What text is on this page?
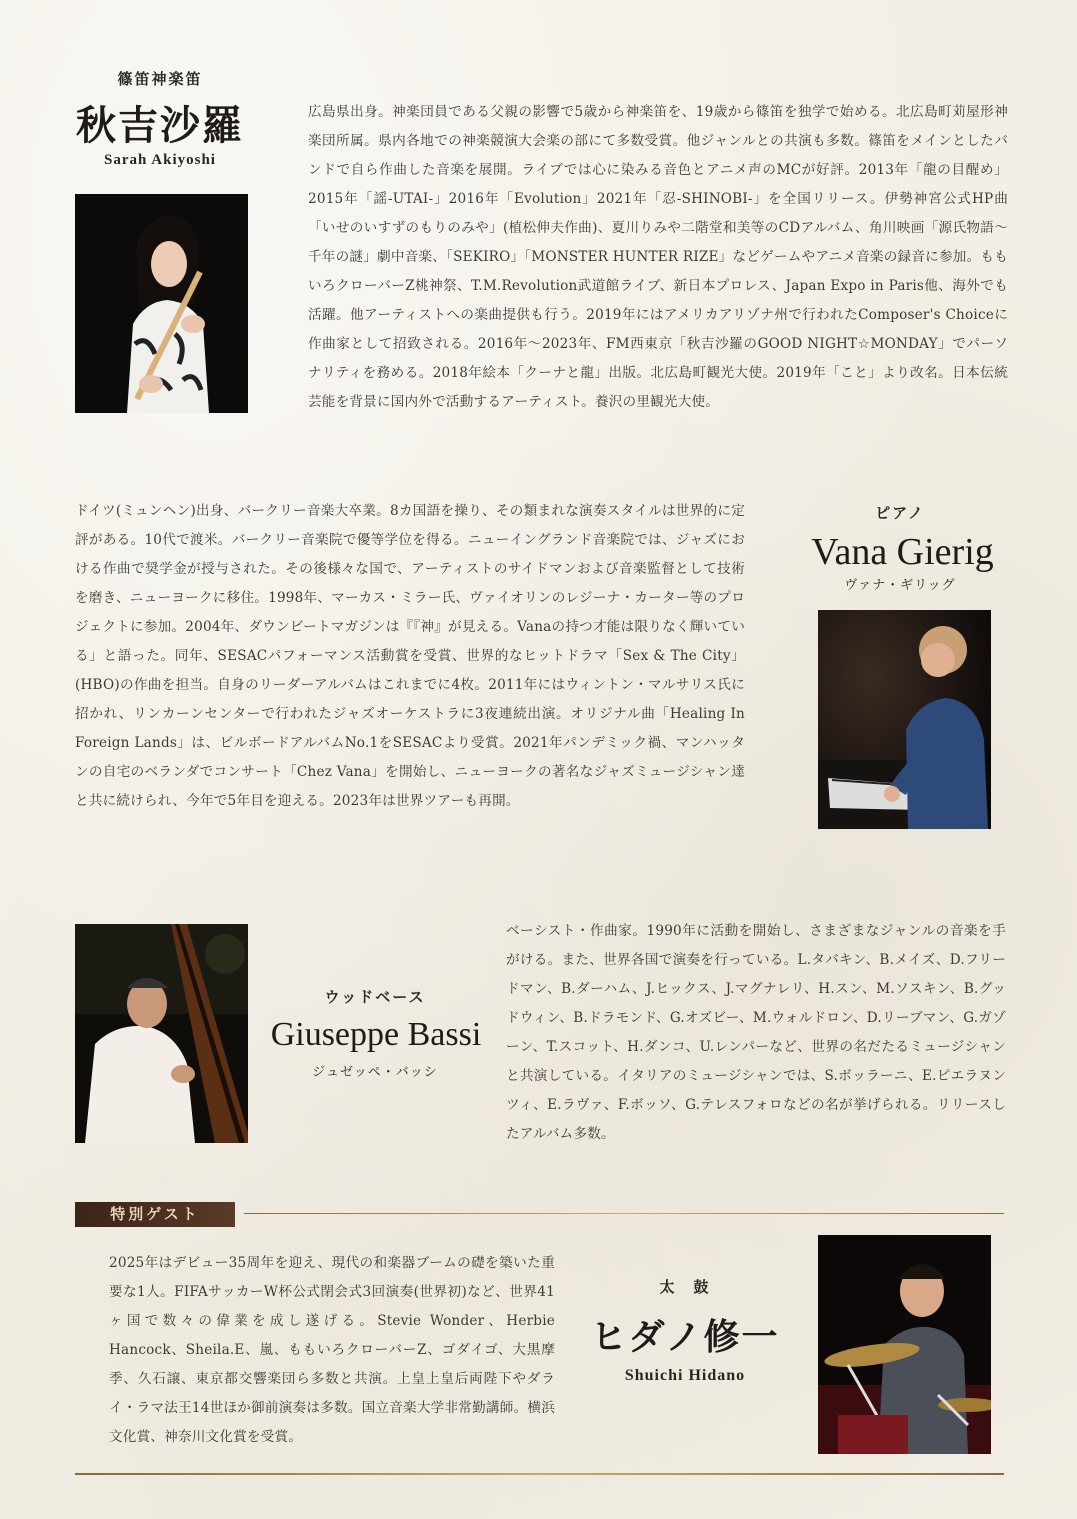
篠笛神楽笛
秋吉沙羅
Sarah Akiyoshi

広島県出身。神楽団員である父親の影響で5歳から神楽笛を、19歳から篠笛を独学で始める。北広島町苅屋形神楽団所属。県内各地での神楽競演大会楽の部にて多数受賞。他ジャンルとの共演も多数。篠笛をメインとしたバンドで自ら作曲した音楽を展開。ライブでは心に染みる音色とアニメ声のMCが好評。2013年「龍の目醒め」2015年「謡-UTAI-」2016年「Evolution」2021年「忍-SHINOBI-」を全国リリース。伊勢神宮公式HP曲「いせのいすずのもりのみや」(植松伸夫作曲)、夏川りみや二階堂和美等のCDアルバム、角川映画「源氏物語〜千年の謎」劇中音楽、「SEKIRO」「MONSTER HUNTER RIZE」などゲームやアニメ音楽の録音に参加。ももいろクローバーZ桃神祭、T.M.Revolution武道館ライブ、新日本プロレス、Japan Expo in Paris他、海外でも活躍。他アーティストへの楽曲提供も行う。2019年にはアメリカアリゾナ州で行われたComposer's Choiceに作曲家として招致される。2016年〜2023年、FM西東京「秋吉沙羅のGOOD NIGHT☆MONDAY」でパーソナリティを務める。2018年絵本「クーナと龍」出版。北広島町観光大使。2019年「こと」より改名。日本伝統芸能を背景に国内外で活動するアーティスト。養沢の里観光大使。

ドイツ(ミュンヘン)出身、バークリー音楽大卒業。8カ国語を操り、その類まれな演奏スタイルは世界的に定評がある。10代で渡米。バークリー音楽院で優等学位を得る。ニューイングランド音楽院では、ジャズにおける作曲で奨学金が授与された。その後様々な国で、アーティストのサイドマンおよび音楽監督として技術を磨き、ニューヨークに移住。1998年、マーカス・ミラー氏、ヴァイオリンのレジーナ・カーター等のプロジェクトに参加。2004年、ダウンビートマガジンは『『神』が見える。Vanaの持つ才能は限りなく輝いている」と語った。同年、SESACパフォーマンス活動賞を受賞、世界的なヒットドラマ「Sex & The City」(HBO)の作曲を担当。自身のリーダーアルバムはこれまでに4枚。2011年にはウィントン・マルサリス氏に招かれ、リンカーンセンターで行われたジャズオーケストラに3夜連続出演。オリジナル曲「Healing In Foreign Lands」は、ビルボードアルバムNo.1をSESACより受賞。2021年パンデミック禍、マンハッタンの自宅のベランダでコンサート「Chez Vana」を開始し、ニューヨークの著名なジャズミュージシャン達と共に続けられ、今年で5年目を迎える。2023年は世界ツアーも再開。

ピアノ
Vana Gierig
ヴァナ・ギリッグ
ウッドベース
Giuseppe Bassi
ジュゼッペ・バッシ

ベーシスト・作曲家。1990年に活動を開始し、さまざまなジャンルの音楽を手がける。また、世界各国で演奏を行っている。L.タバキン、B.メイズ、D.フリードマン、B.ダーハム、J.ヒックス、J.マグナレリ、H.スン、M.ソスキン、B.グッドウィン、B.ドラモンド、G.オズビー、M.ウォルドロン、D.リーブマン、G.ガゾーン、T.スコット、H.ダンコ、U.レンパーなど、世界の名だたるミュージシャンと共演している。イタリアのミュージシャンでは、S.ボッラーニ、E.ピエラヌンツィ、E.ラヴァ、F.ボッソ、G.テレスフォロなどの名が挙げられる。リリースしたアルバム多数。

特別ゲスト

2025年はデビュー35周年を迎え、現代の和楽器ブームの礎を築いた重要な1人。FIFAサッカーW杯公式閉会式3回演奏(世界初)など、世界41ヶ国で数々の偉業を成し遂げる。Stevie Wonder、Herbie Hancock、Sheila.E、嵐、ももいろクローバーZ、ゴダイゴ、大黒摩季、久石譲、東京都交響楽団ら多数と共演。上皇上皇后両陛下やダライ・ラマ法王14世ほか御前演奏は多数。国立音楽大学非常勤講師。横浜文化賞、神奈川文化賞を受賞。

太　鼓
ヒダノ修一
Shuichi Hidano
